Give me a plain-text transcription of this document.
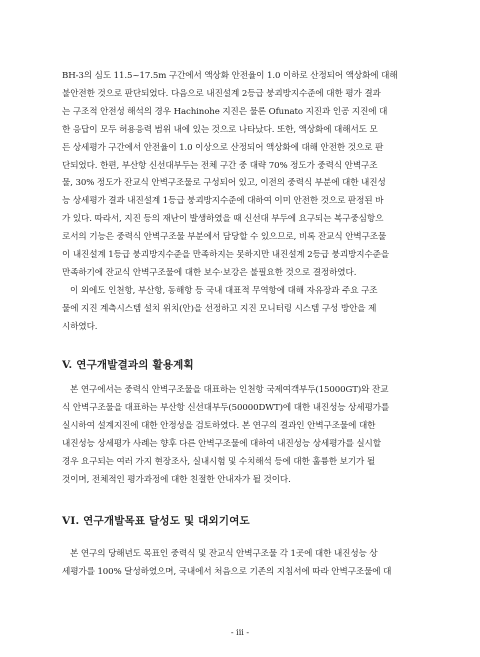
BH-3의 심도 11.5~17.5m 구간에서 액상화 안전율이 1.0 이하로 산정되어 액상화에 대해
불안전한 것으로 판단되었다. 다음으로 내진설계 2등급 붕괴방지수준에 대한 평가 결과
는 구조적 안전성 해석의 경우 Hachinohe 지진은 물론 Ofunato 지진과 인공 지진에 대
한 응답이 모두 허용응력 범위 내에 있는 것으로 나타났다. 또한, 액상화에 대해서도 모
든 상세평가 구간에서 안전율이 1.0 이상으로 산정되어 액상화에 대해 안전한 것으로 판
단되었다. 한편, 부산항 신선대부두는 전체 구간 중 대략 70% 정도가 중력식 안벽구조
물, 30% 정도가 잔교식 안벽구조물로 구성되어 있고, 이전의 중력식 부분에 대한 내진성
능 상세평가 결과 내진설계 1등급 붕괴방지수준에 대하여 이미 안전한 것으로 판정된 바
가 있다. 따라서, 지진 등의 재난이 발생하였을 때 신선대 부두에 요구되는 복구중심항으
로서의 기능은 중력식 안벽구조물 부분에서 담당할 수 있으므로, 비록 잔교식 안벽구조물
이 내진설계 1등급 붕괴방지수준을 만족하지는 못하지만 내진설계 2등급 붕괴방지수준을
만족하기에 잔교식 안벽구조물에 대한 보수·보강은 불필요한 것으로 결정하였다.
이 외에도 인천항, 부산항, 동해항 등 국내 대표적 무역항에 대해 자유장과 주요 구조
물에 지진 계측시스템 설치 위치(안)을 선정하고 지진 모니터링 시스템 구성 방안을 제
시하였다.
V. 연구개발결과의 활용계획
본 연구에서는 중력식 안벽구조물을 대표하는 인천항 국제여객부두(15000GT)와 잔교
식 안벽구조물을 대표하는 부산항 신선대부두(50000DWT)에 대한 내진성능 상세평가를
실시하여 설계지진에 대한 안정성을 검토하였다. 본 연구의 결과인 안벽구조물에 대한
내진성능 상세평가 사례는 향후 다른 안벽구조물에 대하여 내진성능 상세평가를 실시할
경우 요구되는 여러 가지 현장조사, 실내시험 및 수치해석 등에 대한 훌륭한 보기가 될
것이며, 전체적인 평가과정에 대한 친절한 안내자가 될 것이다.
VI. 연구개발목표 달성도 및 대외기여도
본 연구의 당해년도 목표인 중력식 및 잔교식 안벽구조물 각 1곳에 대한 내진성능 상
세평가를 100% 달성하였으며, 국내에서 처음으로 기존의 지침서에 따라 안벽구조물에 대
- iii -
